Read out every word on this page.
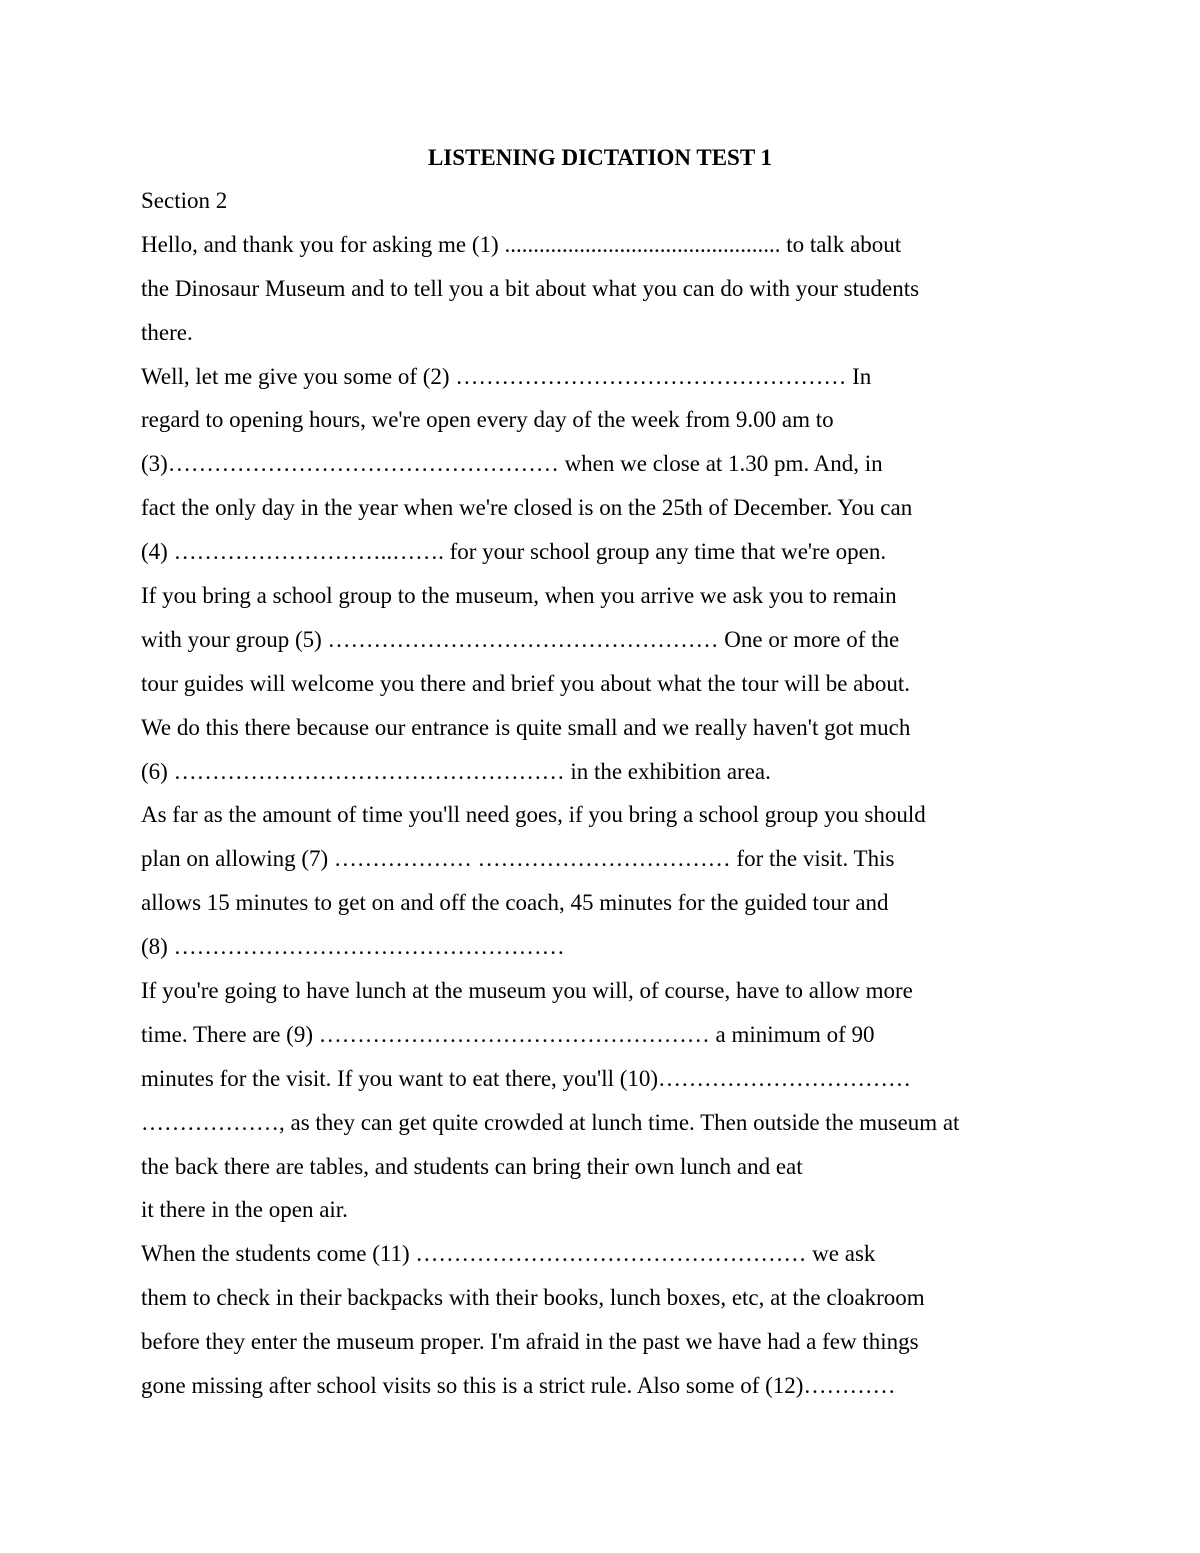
LISTENING DICTATION TEST 1

Section 2

Hello, and thank you for asking me (1) ................................................ to talk about

the Dinosaur Museum and to tell you a bit about what you can do with your students

there.

Well, let me give you some of (2) …………………………………………… In

regard to opening hours, we're open every day of the week from 9.00 am to

(3)…………………………………………… when we close at 1.30 pm. And, in

fact the only day in the year when we're closed is on the 25th of December. You can

(4) ………………………..……. for your school group any time that we're open.

If you bring a school group to the museum, when you arrive we ask you to remain

with your group (5) …………………………………………… One or more of the

tour guides will welcome you there and brief you about what the tour will be about.

We do this there because our entrance is quite small and we really haven't got much

(6) …………………………………………… in the exhibition area.

As far as the amount of time you'll need goes, if you bring a school group you should

plan on allowing (7) ……………… …………………………… for the visit. This

allows 15 minutes to get on and off the coach, 45 minutes for the guided tour and

(8) ……………………………………………

If you're going to have lunch at the museum you will, of course, have to allow more

time. There are (9) …………………………………………… a minimum of 90

minutes for the visit. If you want to eat there, you'll (10)……………………………

………………, as they can get quite crowded at lunch time. Then outside the museum at

the back there are tables, and students can bring their own lunch and eat

it there in the open air.

When the students come (11) …………………………………………… we ask

them to check in their backpacks with their books, lunch boxes, etc, at the cloakroom

before they enter the museum proper. I'm afraid in the past we have had a few things

gone missing after school visits so this is a strict rule. Also some of (12)…………
